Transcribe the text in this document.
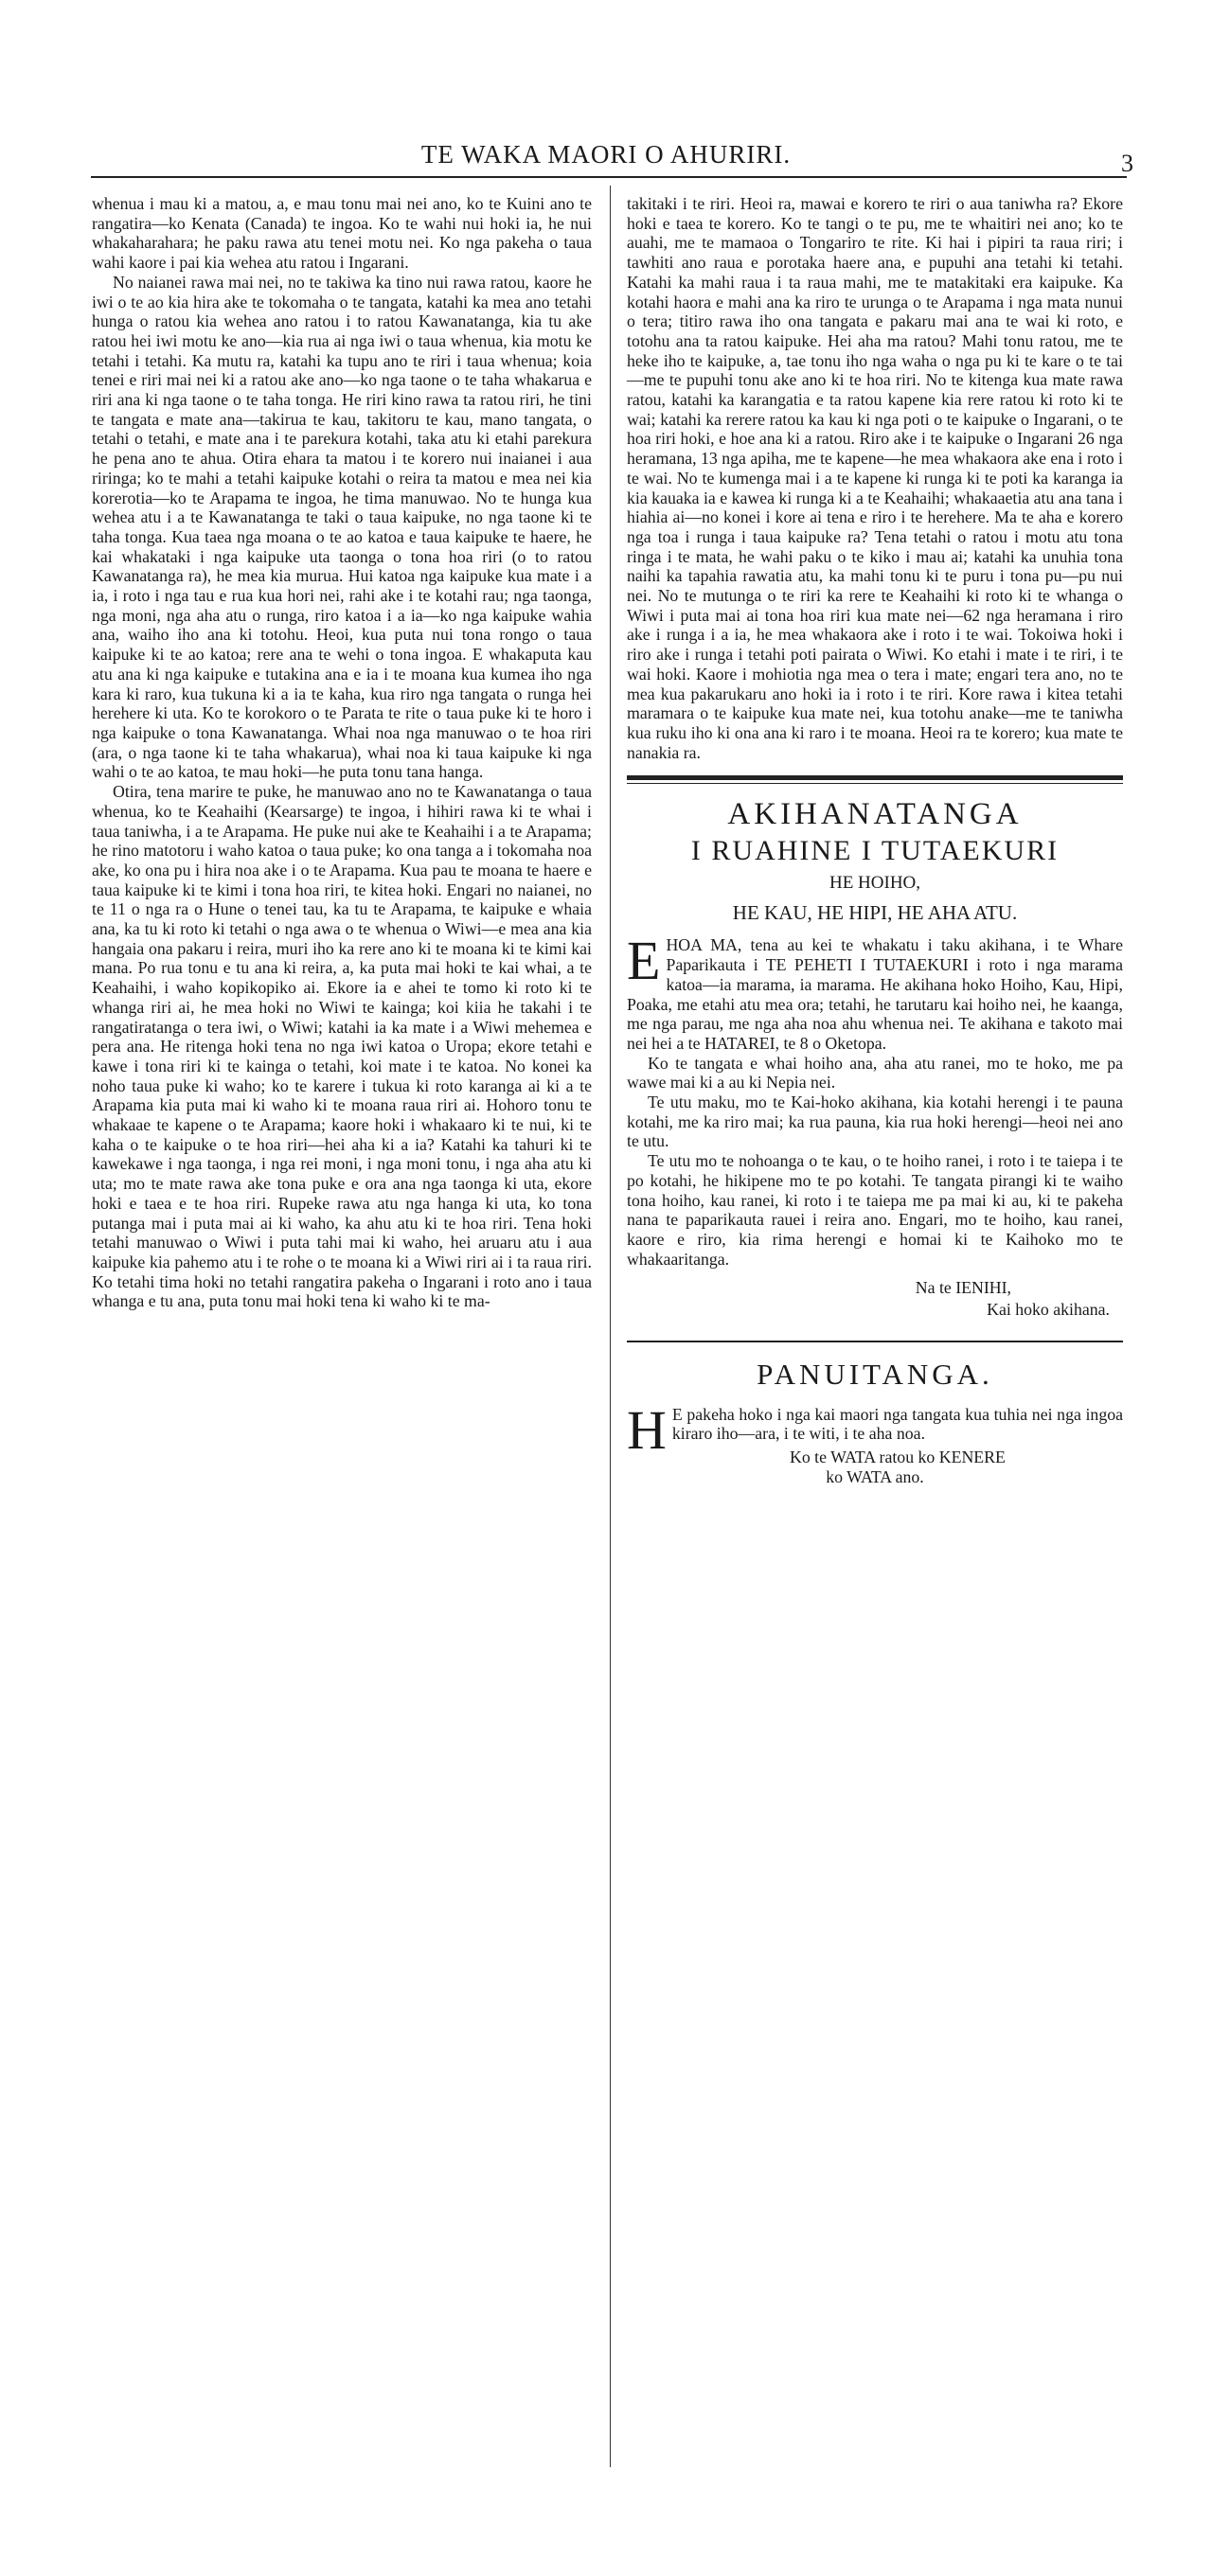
TE WAKA MAORI O AHURIRI.	3

whenua i mau ki a matou, a, e mau tonu mai nei ano, ko te Kuini ano te rangatira—ko Kenata (Canada) te ingoa. Ko te wahi nui hoki ia, he nui whakaharahara; he paku rawa atu tenei motu nei. Ko nga pakeha o taua wahi kaore i pai kia wehea atu ratou i Ingarani.

No naianei rawa mai nei, no te takiwa ka tino nui rawa ratou, kaore he iwi o te ao kia hira ake te tokomaha o te tangata, katahi ka mea ano tetahi hunga o ratou kia wehea ano ratou i to ratou Kawanatanga, kia tu ake ratou hei iwi motu ke ano—kia rua ai nga iwi o taua whenua, kia motu ke tetahi i tetahi. Ka mutu ra, katahi ka tupu ano te riri i taua whenua; koia tenei e riri mai nei ki a ratou ake ano—ko nga taone o te taha whakarua e riri ana ki nga taone o te taha tonga. He riri kino rawa ta ratou riri, he tini te tangata e mate ana—takirua te kau, takitoru te kau, mano tangata, o tetahi o tetahi, e mate ana i te parekura kotahi, taka atu ki etahi parekura he pena ano te ahua. Otira ehara ta matou i te korero nui inaianei i aua riringa; ko te mahi a tetahi kaipuke kotahi o reira ta matou e mea nei kia korerotia—ko te Arapama te ingoa, he tima manuwao. No te hunga kua wehea atu i a te Kawanatanga te taki o taua kaipuke, no nga taone ki te taha tonga. Kua taea nga moana o te ao katoa e taua kaipuke te haere, he kai whakataki i nga kaipuke uta taonga o tona hoa riri (o to ratou Kawanatanga ra), he mea kia murua. Hui katoa nga kaipuke kua mate i a ia, i roto i nga tau e rua kua hori nei, rahi ake i te kotahi rau; nga taonga, nga moni, nga aha atu o runga, riro katoa i a ia—ko nga kaipuke wahia ana, waiho iho ana ki totohu. Heoi, kua puta nui tona rongo o taua kaipuke ki te ao katoa; rere ana te wehi o tona ingoa. E whakaputa kau atu ana ki nga kaipuke e tutakina ana e ia i te moana kua kumea iho nga kara ki raro, kua tukuna ki a ia te kaha, kua riro nga tangata o runga hei herehere ki uta. Ko te korokoro o te Parata te rite o taua puke ki te horo i nga kaipuke o tona Kawanatanga. Whai noa nga manuwao o te hoa riri (ara, o nga taone ki te taha whakarua), whai noa ki taua kaipuke ki nga wahi o te ao katoa, te mau hoki—he puta tonu tana hanga.

Otira, tena marire te puke, he manuwao ano no te Kawanatanga o taua whenua, ko te Keahaihi (Kearsarge) te ingoa, i hihiri rawa ki te whai i taua taniwha, i a te Arapama. He puke nui ake te Keahaihi i a te Arapama; he rino matotoru i waho katoa o taua puke; ko ona tanga a i tokomaha noa ake, ko ona pu i hira noa ake i o te Arapama. Kua pau te moana te haere e taua kaipuke ki te kimi i tona hoa riri, te kitea hoki. Engari no naianei, no te 11 o nga ra o Hune o tenei tau, ka tu te Arapama, te kaipuke e whaia ana, ka tu ki roto ki tetahi o nga awa o te whenua o Wiwi—e mea ana kia hangaia ona pakaru i reira, muri iho ka rere ano ki te moana ki te kimi kai mana. Po rua tonu e tu ana ki reira, a, ka puta mai hoki te kai whai, a te Keahaihi, i waho kopikopiko ai. Ekore ia e ahei te tomo ki roto ki te whanga riri ai, he mea hoki no Wiwi te kainga; koi kiia he takahi i te rangatiratanga o tera iwi, o Wiwi; katahi ia ka mate i a Wiwi mehemea e pera ana. He ritenga hoki tena no nga iwi katoa o Uropa; ekore tetahi e kawe i tona riri ki te kainga o tetahi, koi mate i te katoa. No konei ka noho taua puke ki waho; ko te karere i tukua ki roto karanga ai ki a te Arapama kia puta mai ki waho ki te moana raua riri ai. Hohoro tonu te whakaae te kapene o te Arapama; kaore hoki i whakaaro ki te nui, ki te kaha o te kaipuke o te hoa riri—hei aha ki a ia? Katahi ka tahuri ki te kawekawe i nga taonga, i nga rei moni, i nga moni tonu, i nga aha atu ki uta; mo te mate rawa ake tona puke e ora ana nga taonga ki uta, ekore hoki e taea e te hoa riri. Rupeke rawa atu nga hanga ki uta, ko tona putanga mai i puta mai ai ki waho, ka ahu atu ki te hoa riri. Tena hoki tetahi manuwao o Wiwi i puta tahi mai ki waho, hei aruaru atu i aua kaipuke kia pahemo atu i te rohe o te moana ki a Wiwi riri ai i ta raua riri. Ko tetahi tima hoki no tetahi rangatira pakeha o Ingarani i roto ano i taua whanga e tu ana, puta tonu mai hoki tena ki waho ki te ma-

takitaki i te riri. Heoi ra, mawai e korero te riri o aua taniwha ra? Ekore hoki e taea te korero. Ko te tangi o te pu, me te whaitiri nei ano; ko te auahi, me te mamaoa o Tongariro te rite. Ki hai i pipiri ta raua riri; i tawhiti ano raua e porotaka haere ana, e pupuhi ana tetahi ki tetahi. Katahi ka mahi raua i ta raua mahi, me te matakitaki era kaipuke. Ka kotahi haora e mahi ana ka riro te urunga o te Arapama i nga mata nunui o tera; titiro rawa iho ona tangata e pakaru mai ana te wai ki roto, e totohu ana ta ratou kaipuke. Hei aha ma ratou? Mahi tonu ratou, me te heke iho te kaipuke, a, tae tonu iho nga waha o nga pu ki te kare o te tai—me te pupuhi tonu ake ano ki te hoa riri. No te kitenga kua mate rawa ratou, katahi ka karangatia e ta ratou kapene kia rere ratou ki roto ki te wai; katahi ka rerere ratou ka kau ki nga poti o te kaipuke o Ingarani, o te hoa riri hoki, e hoe ana ki a ratou. Riro ake i te kaipuke o Ingarani 26 nga heramana, 13 nga apiha, me te kapene—he mea whakaora ake ena i roto i te wai. No te kumenga mai i a te kapene ki runga ki te poti ka karanga ia kia kauaka ia e kawea ki runga ki a te Keahaihi; whakaaetia atu ana tana i hiahia ai—no konei i kore ai tena e riro i te herehere. Ma te aha e korero nga toa i runga i taua kaipuke ra? Tena tetahi o ratou i motu atu tona ringa i te mata, he wahi paku o te kiko i mau ai; katahi ka unuhia tona naihi ka tapahia rawatia atu, ka mahi tonu ki te puru i tona pu—pu nui nei. No te mutunga o te riri ka rere te Keahaihi ki roto ki te whanga o Wiwi i puta mai ai tona hoa riri kua mate nei—62 nga heramana i riro ake i runga i a ia, he mea whakaora ake i roto i te wai. Tokoiwa hoki i riro ake i runga i tetahi poti pairata o Wiwi. Ko etahi i mate i te riri, i te wai hoki. Kaore i mohiotia nga mea o tera i mate; engari tera ano, no te mea kua pakarukaru ano hoki ia i roto i te riri. Kore rawa i kitea tetahi maramara o te kaipuke kua mate nei, kua totohu anake—me te taniwha kua ruku iho ki ona ana ki raro i te moana. Heoi ra te korero; kua mate te nanakia ra.

AKIHANATANGA
I RUAHINE I TUTAEKURI
HE HOIHO,
HE KAU, HE HIPI, HE AHA ATU.

EHOA MA, tena au kei te whakatu i taku akihana, i te Whare Paparikauta i TE PEHETI I TUTAEKURI i roto i nga marama katoa—ia marama, ia marama. He akihana hoko Hoiho, Kau, Hipi, Poaka, me etahi atu mea ora; tetahi, he tarutaru kai hoiho nei, he kaanga, me nga parau, me nga aha noa ahu whenua nei. Te akihana e takoto mai nei hei a te HATAREI, te 8 o Oketopa.

Ko te tangata e whai hoiho ana, aha atu ranei, mo te hoko, me pa wawe mai ki a au ki Nepia nei.

Te utu maku, mo te Kai-hoko akihana, kia kotahi herengi i te pauna kotahi, me ka riro mai; ka rua pauna, kia rua hoki herengi—heoi nei ano te utu.

Te utu mo te nohoanga o te kau, o te hoiho ranei, i roto i te taiepa i te po kotahi, he hikipene mo te po kotahi. Te tangata pirangi ki te waiho tona hoiho, kau ranei, ki roto i te taiepa me pa mai ki au, ki te pakeha nana te paparikauta rauei i reira ano. Engari, mo te hoiho, kau ranei, kaore e riro, kia rima herengi e homai ki te Kaihoko mo te whakaaritanga.

Na te IENIHI,
Kai hoko akihana.
PANUITANGA.

H E pakeha hoko i nga kai maori nga tangata kua tuhia nei nga ingoa kiraro iho—ara, i te witi, i te aha noa.

Ko te WATA ratou ko KENERE
ko WATA ano.
